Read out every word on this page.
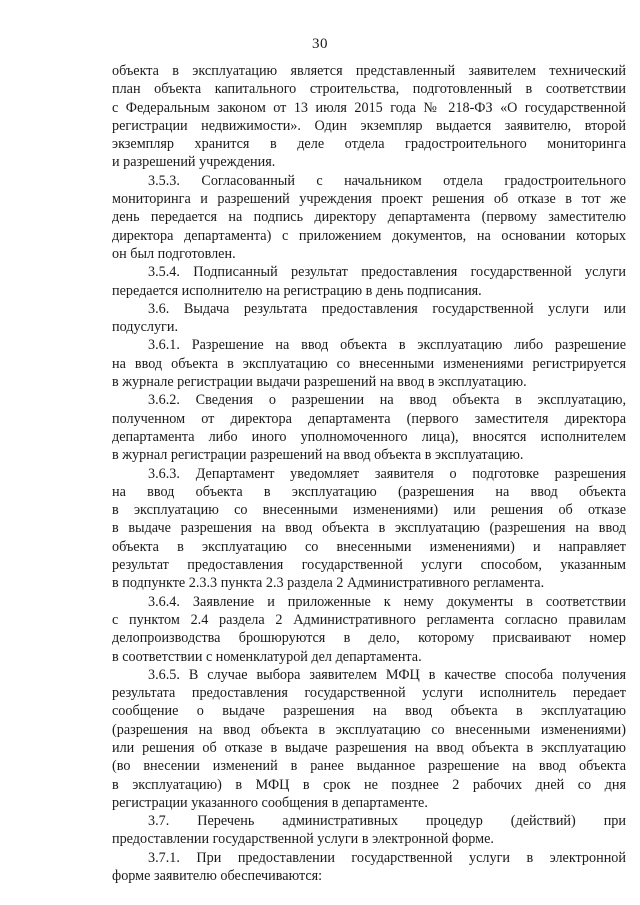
30
объекта в эксплуатацию является представленный заявителем технический
план объекта капитального строительства, подготовленный в соответствии
с Федеральным законом от 13 июля 2015 года № 218-ФЗ «О государственной
регистрации недвижимости». Один экземпляр выдается заявителю, второй
экземпляр хранится в деле отдела градостроительного мониторинга
и разрешений учреждения.
3.5.3. Согласованный с начальником отдела градостроительного
мониторинга и разрешений учреждения проект решения об отказе в тот же
день передается на подпись директору департамента (первому заместителю
директора департамента) с приложением документов, на основании которых
он был подготовлен.
3.5.4. Подписанный результат предоставления государственной услуги
передается исполнителю на регистрацию в день подписания.
3.6. Выдача результата предоставления государственной услуги или
подуслуги.
3.6.1. Разрешение на ввод объекта в эксплуатацию либо разрешение
на ввод объекта в эксплуатацию со внесенными изменениями регистрируется
в журнале регистрации выдачи разрешений на ввод в эксплуатацию.
3.6.2. Сведения о разрешении на ввод объекта в эксплуатацию,
полученном от директора департамента (первого заместителя директора
департамента либо иного уполномоченного лица), вносятся исполнителем
в журнал регистрации разрешений на ввод объекта в эксплуатацию.
3.6.3. Департамент уведомляет заявителя о подготовке разрешения
на ввод объекта в эксплуатацию (разрешения на ввод объекта
в эксплуатацию со внесенными изменениями) или решения об отказе
в выдаче разрешения на ввод объекта в эксплуатацию (разрешения на ввод
объекта в эксплуатацию со внесенными изменениями) и направляет
результат предоставления государственной услуги способом, указанным
в подпункте 2.3.3 пункта 2.3 раздела 2 Административного регламента.
3.6.4. Заявление и приложенные к нему документы в соответствии
с пунктом 2.4 раздела 2 Административного регламента согласно правилам
делопроизводства брошюруются в дело, которому присваивают номер
в соответствии с номенклатурой дел департамента.
3.6.5. В случае выбора заявителем МФЦ в качестве способа получения
результата предоставления государственной услуги исполнитель передает
сообщение о выдаче разрешения на ввод объекта в эксплуатацию
(разрешения на ввод объекта в эксплуатацию со внесенными изменениями)
или решения об отказе в выдаче разрешения на ввод объекта в эксплуатацию
(во внесении изменений в ранее выданное разрешение на ввод объекта
в эксплуатацию) в МФЦ в срок не позднее 2 рабочих дней со дня
регистрации указанного сообщения в департаменте.
3.7. Перечень административных процедур (действий) при
предоставлении государственной услуги в электронной форме.
3.7.1. При предоставлении государственной услуги в электронной
форме заявителю обеспечиваются:
